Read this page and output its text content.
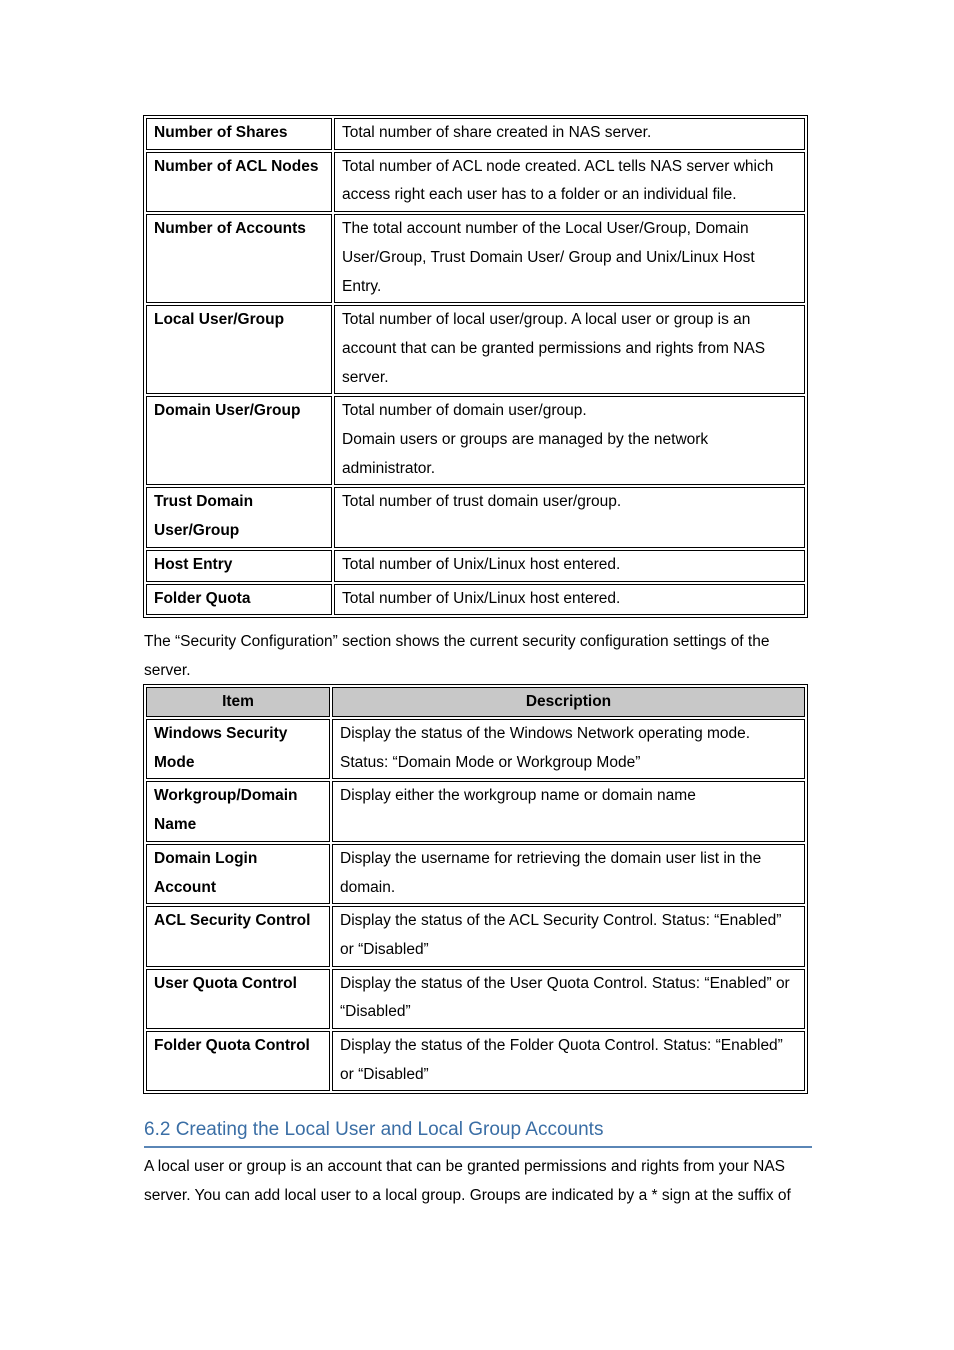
Number of Shares	Total number of share created in NAS server.

Number of ACL Nodes	Total number of ACL node created. ACL tells NAS server which access right each user has to a folder or an individual file.

Number of Accounts	The total account number of the Local User/Group, Domain User/Group, Trust Domain User/ Group and Unix/Linux Host Entry.

Local User/Group	Total number of local user/group. A local user or group is an account that can be granted permissions and rights from NAS server.

Domain User/Group	Total number of domain user/group.
Domain users or groups are managed by the network administrator.

Trust Domain User/Group	Total number of trust domain user/group.

Host Entry	Total number of Unix/Linux host entered.

Folder Quota	Total number of Unix/Linux host entered.

The “Security Configuration” section shows the current security configuration settings of the server.

Item	Description
Windows Security Mode	Display the status of the Windows Network operating mode.
Status: “Domain Mode or Workgroup Mode”

Workgroup/Domain Name	Display either the workgroup name or domain name

Domain Login Account	Display the username for retrieving the domain user list in the domain.

ACL Security Control	Display the status of the ACL Security Control. Status: “Enabled” or “Disabled”

User Quota Control	Display the status of the User Quota Control. Status: “Enabled” or “Disabled”

Folder Quota Control	Display the status of the Folder Quota Control. Status: “Enabled” or “Disabled”
6.2 Creating the Local User and Local Group Accounts

A local user or group is an account that can be granted permissions and rights from your NAS server. You can add local user to a local group. Groups are indicated by a * sign at the suffix of
